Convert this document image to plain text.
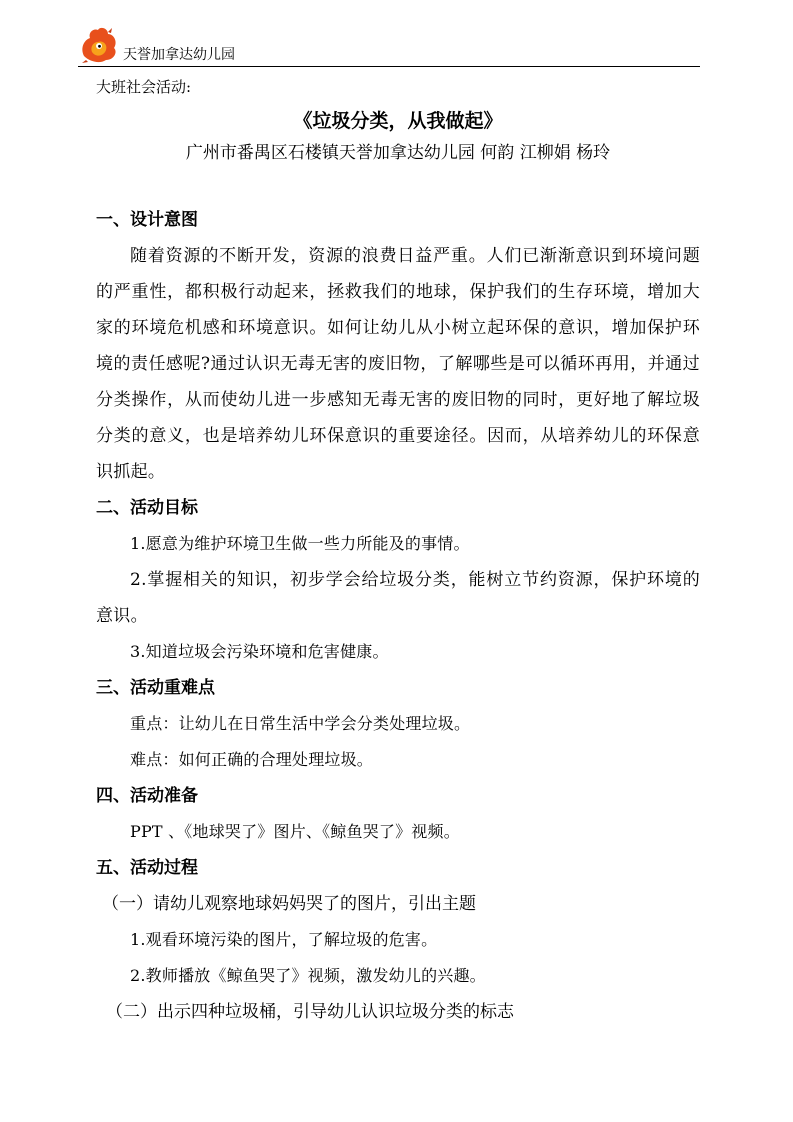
天誉加拿达幼儿园

大班社会活动:

《垃圾分类，从我做起》

广州市番禺区石楼镇天誉加拿达幼儿园 何韵 江柳娟 杨玲

一、设计意图

随着资源的不断开发，资源的浪费日益严重。人们已渐渐意识到环境问题的严重性，都积极行动起来，拯救我们的地球，保护我们的生存环境，增加大家的环境危机感和环境意识。如何让幼儿从小树立起环保的意识，增加保护环境的责任感呢?通过认识无毒无害的废旧物，了解哪些是可以循环再用，并通过分类操作，从而使幼儿进一步感知无毒无害的废旧物的同时，更好地了解垃圾分类的意义，也是培养幼儿环保意识的重要途径。因而，从培养幼儿的环保意识抓起。

二、活动目标

1.愿意为维护环境卫生做一些力所能及的事情。

2.掌握相关的知识，初步学会给垃圾分类，能树立节约资源，保护环境的意识。

3.知道垃圾会污染环境和危害健康。

三、活动重难点

重点：让幼儿在日常生活中学会分类处理垃圾。

难点：如何正确的合理处理垃圾。

四、活动准备

PPT 、《地球哭了》图片、《鲸鱼哭了》视频。

五、活动过程

（一）请幼儿观察地球妈妈哭了的图片，引出主题

1.观看环境污染的图片，了解垃圾的危害。

2.教师播放《鲸鱼哭了》视频，激发幼儿的兴趣。

（二）出示四种垃圾桶，引导幼儿认识垃圾分类的标志
